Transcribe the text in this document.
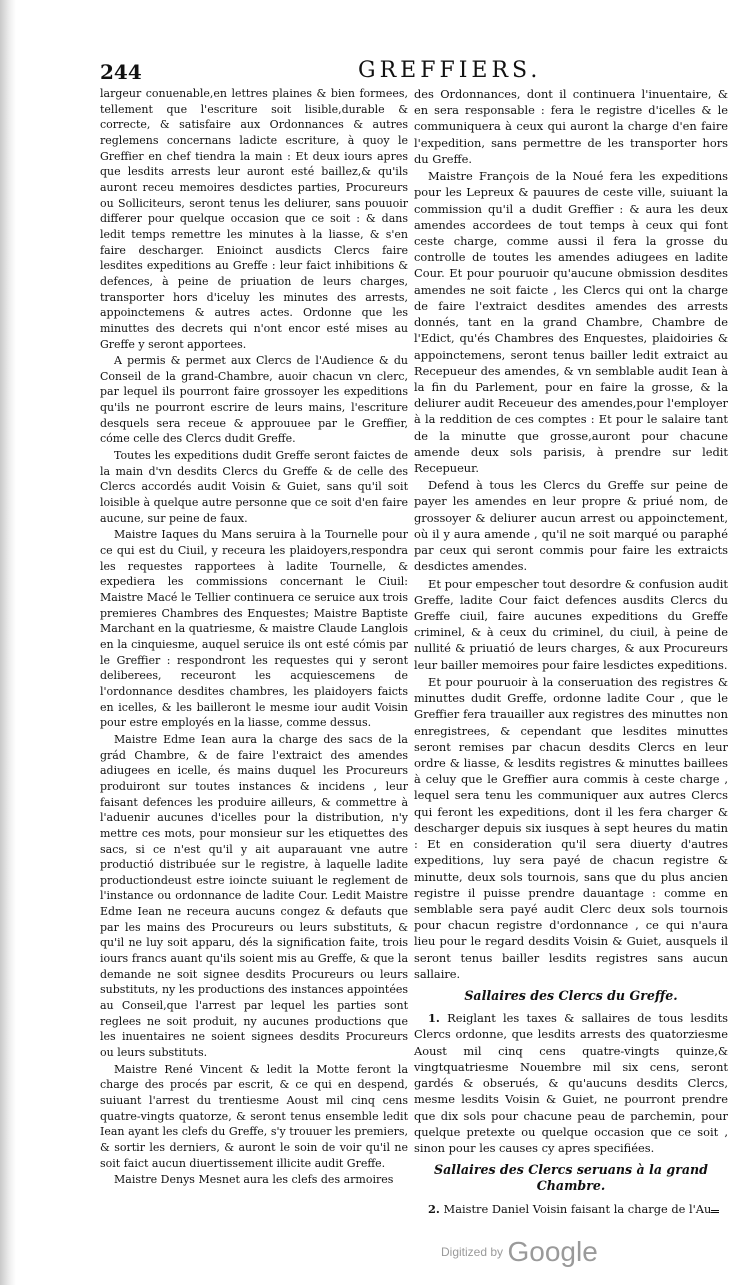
244	GREFFIERS.

largeur conuenable,en lettres plaines & bien formees, tellement que l'escriture soit lisible,durable & correcte, & satisfaire aux Ordonnances & autres reglemens concernans ladicte escriture, à quoy le Greffier en chef tiendra la main : Et deux iours apres que lesdits arrests leur auront esté baillez,& qu'ils auront receu memoires desdictes parties, Procureurs ou Solliciteurs, seront tenus les deliurer, sans pouuoir differer pour quelque occasion que ce soit : & dans ledit temps remettre les minutes à la liasse, & s'en faire descharger. Enioinct ausdicts Clercs faire lesdites expeditions au Greffe : leur faict inhibitions & defences, à peine de priuation de leurs charges, transporter hors d'iceluy les minutes des arrests, appoinctemens & autres actes. Ordonne que les minuttes des decrets qui n'ont encor esté mises au Greffe y seront apportees.

A permis & permet aux Clercs de l'Audience & du Conseil de la grand-Chambre, auoir chacun vn clerc, par lequel ils pourront faire grossoyer les expeditions qu'ils ne pourront escrire de leurs mains, l'escriture desquels sera receue & approuuee par le Greffier, cóme celle des Clercs dudit Greffe.

Toutes les expeditions dudit Greffe seront faictes de la main d'vn desdits Clercs du Greffe & de celle des Clercs accordés audit Voisin & Guiet, sans qu'il soit loisible à quelque autre personne que ce soit d'en faire aucune, sur peine de faux.

Maistre Iaques du Mans seruira à la Tournelle pour ce qui est du Ciuil, y receura les plaidoyers,respondra les requestes rapportees à ladite Tournelle, & expediera les commissions concernant le Ciuil: Maistre Macé le Tellier continuera ce seruice aux trois premieres Chambres des Enquestes; Maistre Baptiste Marchant en la quatriesme, & maistre Claude Langlois en la cinquiesme, auquel seruice ils ont esté cómis par le Greffier : respondront les requestes qui y seront deliberees, receuront les acquiescemens de l'ordonnance desdites chambres, les plaidoyers faicts en icelles, & les bailleront le mesme iour audit Voisin pour estre employés en la liasse, comme dessus.

Maistre Edme Iean aura la charge des sacs de la grád Chambre, & de faire l'extraict des amendes adiugees en icelle, és mains duquel les Procureurs produiront sur toutes instances & incidens , leur faisant defences les produire ailleurs, & commettre à l'aduenir aucunes d'icelles pour la distribution, n'y mettre ces mots, pour monsieur sur les etiquettes des sacs, si ce n'est qu'il y ait auparauant vne autre productió distribuée sur le registre, à laquelle ladite productiondeust estre ioincte suiuant le reglement de l'instance ou ordonnance de ladite Cour. Ledit Maistre Edme Iean ne receura aucuns congez & defauts que par les mains des Procureurs ou leurs substituts, & qu'il ne luy soit apparu, dés la signification faite, trois iours francs auant qu'ils soient mis au Greffe, & que la demande ne soit signee desdits Procureurs ou leurs substituts, ny les productions des instances appointées au Conseil,que l'arrest par lequel les parties sont reglees ne soit produit, ny aucunes productions que les inuentaires ne soient signees desdits Procureurs ou leurs substituts.

Maistre René Vincent & ledit la Motte feront la charge des procés par escrit, & ce qui en despend, suiuant l'arrest du trentiesme Aoust mil cinq cens quatre-vingts quatorze, & seront tenus ensemble ledit Iean ayant les clefs du Greffe, s'y trouuer les premiers, & sortir les derniers, & auront le soin de voir qu'il ne soit faict aucun diuertissement illicite audit Greffe.

Maistre Denys Mesnet aura les clefs des armoires

des Ordonnances, dont il continuera l'inuentaire, & en sera responsable : fera le registre d'icelles & le communiquera à ceux qui auront la charge d'en faire l'expedition, sans permettre de les transporter hors du Greffe.

Maistre François de la Noué fera les expeditions pour les Lepreux & pauures de ceste ville, suiuant la commission qu'il a dudit Greffier : & aura les deux amendes accordees de tout temps à ceux qui font ceste charge, comme aussi il fera la grosse du controlle de toutes les amendes adiugees en ladite Cour. Et pour pouruoir qu'aucune obmission desdites amendes ne soit faicte , les Clercs qui ont la charge de faire l'extraict desdites amendes des arrests donnés, tant en la grand Chambre, Chambre de l'Edict, qu'és Chambres des Enquestes, plaidoiries & appoinctemens, seront tenus bailler ledit extraict au Recepueur des amendes, & vn semblable audit Iean à la fin du Parlement, pour en faire la grosse, & la deliurer audit Receueur des amendes,pour l'employer à la reddition de ces comptes : Et pour le salaire tant de la minutte que grosse,auront pour chacune amende deux sols parisis, à prendre sur ledit Recepueur.

Defend à tous les Clercs du Greffe sur peine de payer les amendes en leur propre & priué nom, de grossoyer & deliurer aucun arrest ou appoinctement, où il y aura amende , qu'il ne soit marqué ou paraphé par ceux qui seront commis pour faire les extraicts desdictes amendes.

Et pour empescher tout desordre & confusion audit Greffe, ladite Cour faict defences ausdits Clercs du Greffe ciuil, faire aucunes expeditions du Greffe criminel, & à ceux du criminel, du ciuil, à peine de nullité & priuatió de leurs charges, & aux Procureurs leur bailler memoires pour faire lesdictes expeditions.

Et pour pouruoir à la conseruation des registres & minuttes dudit Greffe, ordonne ladite Cour , que le Greffier fera trauailler aux registres des minuttes non enregistrees, & cependant que lesdites minuttes seront remises par chacun desdits Clercs en leur ordre & liasse, & lesdits registres & minuttes baillees à celuy que le Greffier aura commis à ceste charge , lequel sera tenu les communiquer aux autres Clercs qui feront les expeditions, dont il les fera charger & descharger depuis six iusques à sept heures du matin : Et en consideration qu'il sera diuerty d'autres expeditions, luy sera payé de chacun registre & minutte, deux sols tournois, sans que du plus ancien registre il puisse prendre dauantage : comme en semblable sera payé audit Clerc deux sols tournois pour chacun registre d'ordonnance , ce qui n'aura lieu pour le regard desdits Voisin & Guiet, ausquels il seront tenus bailler lesdits registres sans aucun sallaire.

Sallaires des Clercs du Greffe.

1. Reiglant les taxes & sallaires de tous lesdits Clercs ordonne, que lesdits arrests des quatorziesme Aoust mil cinq cens quatre-vingts quinze,& vingtquatriesme Nouembre mil six cens, seront gardés & obserués, & qu'aucuns desdits Clercs, mesme lesdits Voisin & Guiet, ne pourront prendre que dix sols pour chacune peau de parchemin, pour quelque pretexte ou quelque occasion que ce soit , sinon pour les causes cy apres specifiées.

Sallaires des Clercs seruans à la grand Chambre.

2. Maistre Daniel Voisin faisant la charge de l'Au

Digitized by Google
